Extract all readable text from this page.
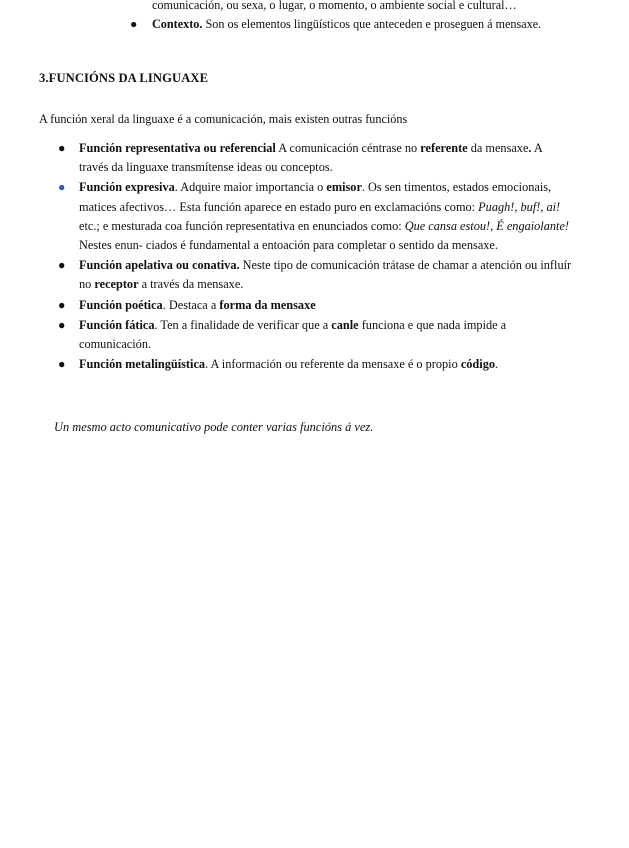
comunicación, ou sexa, o lugar, o momento, o ambiente social e cultural…
● Contexto. Son os elementos lingüísticos que anteceden e proseguen á mensaxe.

3.FUNCIÓNS DA LINGUAXE

A función xeral da linguaxe é a comunicación, mais existen outras funcións

● Función representativa ou referencial A comunicación céntrase no referente da mensaxe. A través da linguaxe transmítense ideas ou conceptos.
● Función expresiva. Adquire maior importancia o emisor. Os sen timentos, estados emocionais, matices afectivos… Esta función aparece en estado puro en exclamacións como: Puagh!, buf!, ai! etc.; e mesturada coa función representativa en enunciados como: Que cansa estou!, É engaiolante! Nestes enun- ciados é fundamental a entoación para completar o sentido da mensaxe.
● Función apelativa ou conativa. Neste tipo de comunicación trátase de chamar a atención ou influír no receptor a través da mensaxe.
● Función poética. Destaca a forma da mensaxe
● Función fática. Ten a finalidade de verificar que a canle funciona e que nada impide a comunicación.
● Función metalingüística. A información ou referente da mensaxe é o propio código.

Un mesmo acto comunicativo pode conter varias funcións á vez.
